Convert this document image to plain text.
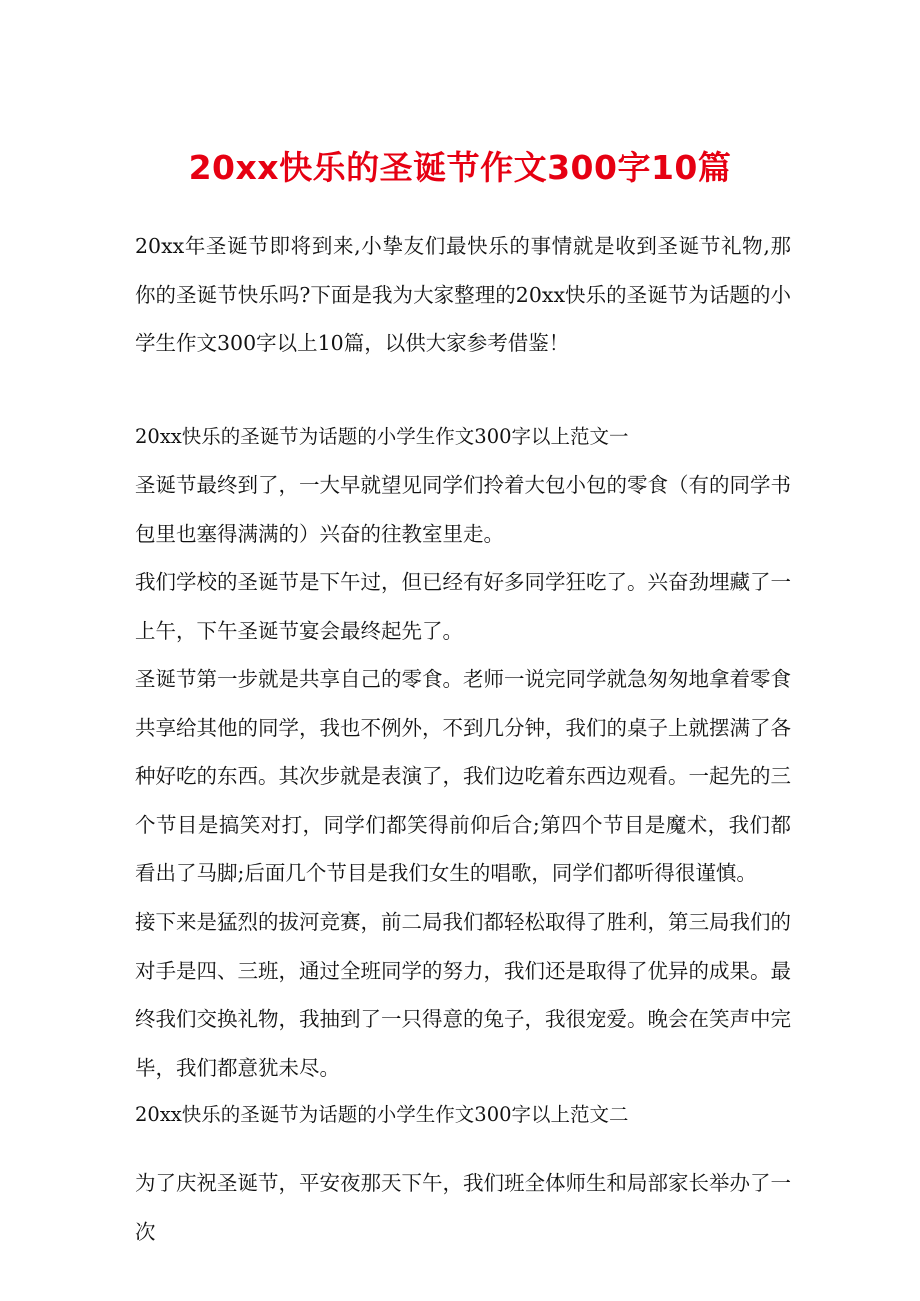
20xx快乐的圣诞节作文300字10篇
20xx年圣诞节即将到来,小挚友们最快乐的事情就是收到圣诞节礼物,那你的圣诞节快乐吗?下面是我为大家整理的20xx快乐的圣诞节为话题的小学生作文300字以上10篇，以供大家参考借鉴！
20xx快乐的圣诞节为话题的小学生作文300字以上范文一
圣诞节最终到了，一大早就望见同学们拎着大包小包的零食（有的同学书包里也塞得满满的）兴奋的往教室里走。
我们学校的圣诞节是下午过，但已经有好多同学狂吃了。兴奋劲埋藏了一上午，下午圣诞节宴会最终起先了。
圣诞节第一步就是共享自己的零食。老师一说完同学就急匆匆地拿着零食共享给其他的同学，我也不例外，不到几分钟，我们的桌子上就摆满了各种好吃的东西。其次步就是表演了，我们边吃着东西边观看。一起先的三个节目是搞笑对打，同学们都笑得前仰后合;第四个节目是魔术，我们都看出了马脚;后面几个节目是我们女生的唱歌，同学们都听得很谨慎。
接下来是猛烈的拔河竞赛，前二局我们都轻松取得了胜利，第三局我们的对手是四、三班，通过全班同学的努力，我们还是取得了优异的成果。最终我们交换礼物，我抽到了一只得意的兔子，我很宠爱。晚会在笑声中完毕，我们都意犹未尽。
20xx快乐的圣诞节为话题的小学生作文300字以上范文二
为了庆祝圣诞节，平安夜那天下午，我们班全体师生和局部家长举办了一次
